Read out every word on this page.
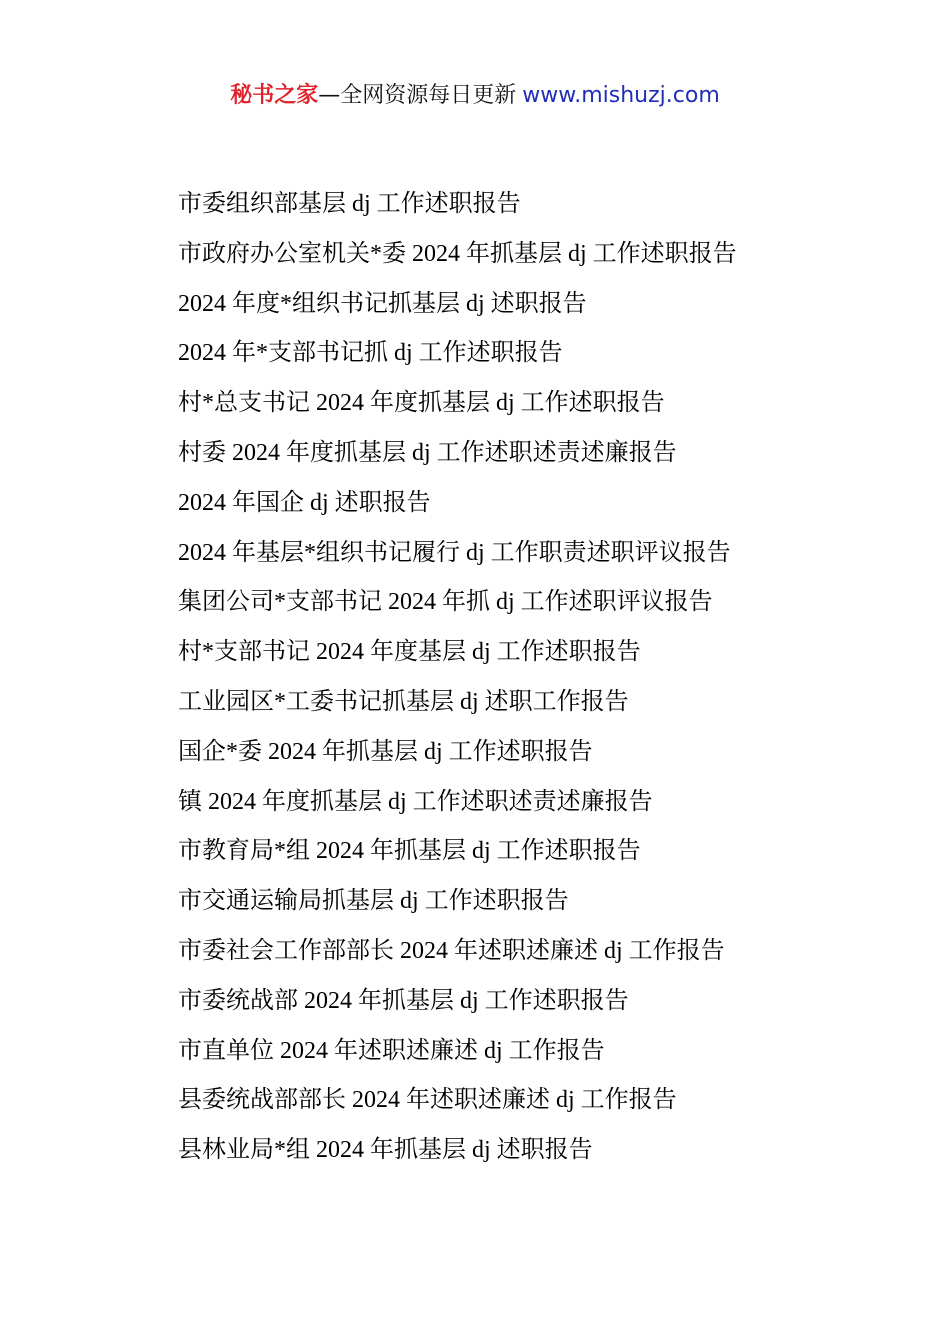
秘书之家—全网资源每日更新 www.mishuzj.com
市委组织部基层 dj 工作述职报告
市政府办公室机关*委 2024 年抓基层 dj 工作述职报告
2024 年度*组织书记抓基层 dj 述职报告
2024 年*支部书记抓 dj 工作述职报告
村*总支书记 2024 年度抓基层 dj 工作述职报告
村委 2024 年度抓基层 dj 工作述职述责述廉报告
2024 年国企 dj 述职报告
2024 年基层*组织书记履行 dj 工作职责述职评议报告
集团公司*支部书记 2024 年抓 dj 工作述职评议报告
村*支部书记 2024 年度基层 dj 工作述职报告
工业园区*工委书记抓基层 dj 述职工作报告
国企*委 2024 年抓基层 dj 工作述职报告
镇 2024 年度抓基层 dj 工作述职述责述廉报告
市教育局*组 2024 年抓基层 dj 工作述职报告
市交通运输局抓基层 dj 工作述职报告
市委社会工作部部长 2024 年述职述廉述 dj 工作报告
市委统战部 2024 年抓基层 dj 工作述职报告
市直单位 2024 年述职述廉述 dj 工作报告
县委统战部部长 2024 年述职述廉述 dj 工作报告
县林业局*组 2024 年抓基层 dj 述职报告
